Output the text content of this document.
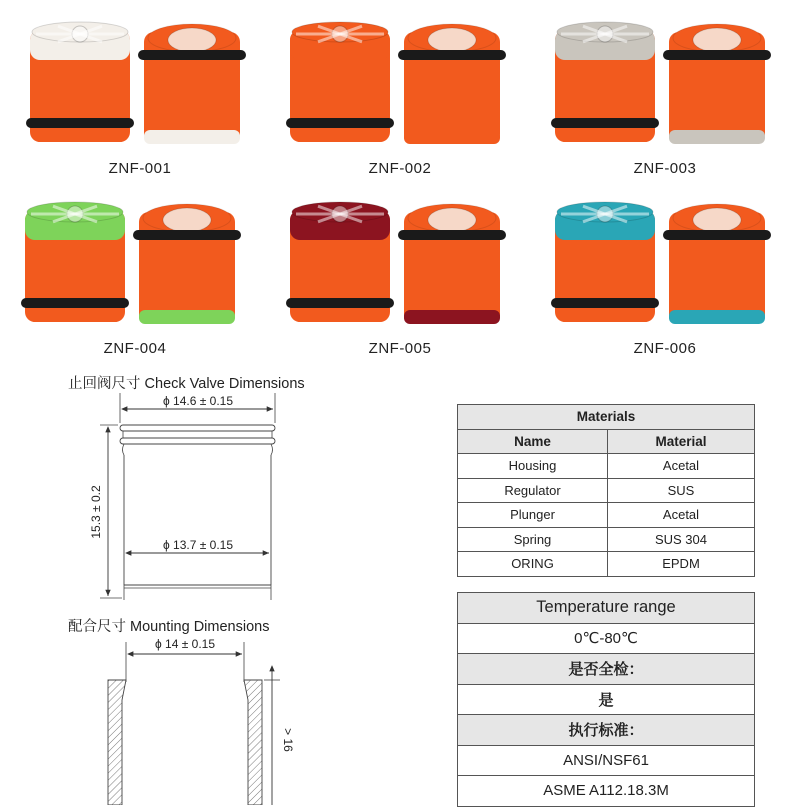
ZNF-001	ZNF-002	ZNF-003
ZNF-004	ZNF-005	ZNF-006
止回阀尺寸 Check Valve Dimensions
ϕ 14.6 ± 0.15
ϕ 13.7 ± 0.15
15.3 ± 0.2
配合尺寸 Mounting Dimensions
ϕ 14 ± 0.15
> 16
Materials	
Name	Material
Housing	Acetal
Regulator	SUS
Plunger	Acetal
Spring	SUS 304
ORING	EPDM
Temperature range
0℃-80℃
是否全检：
是
执行标准：
ANSI/NSF61
ASME A112.18.3M
